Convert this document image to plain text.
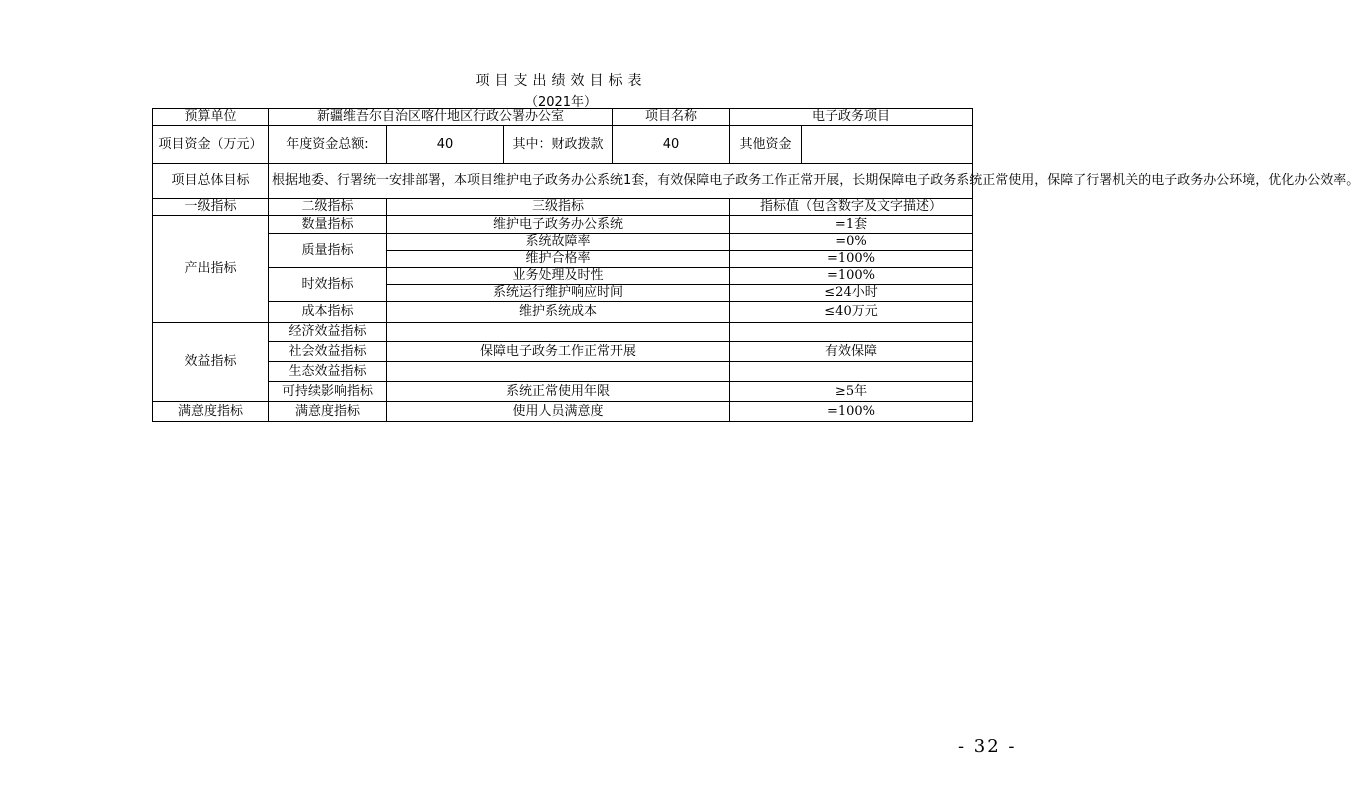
项目支出绩效目标表
（2021年）
预算单位	新疆维吾尔自治区喀什地区行政公署办公室			项目名称	电子政务项目	
项目资金（万元）	年度资金总额:	40	其中：财政拨款	40	其他资金	
项目总体目标	根据地委、行署统一安排部署，本项目维护电子政务办公系统1套，有效保障电子政务工作正常开展，长期保障电子政务系统正常使用，保障了行署机关的电子政务办公环境，优化办公效率。					
一级指标	二级指标	三级指标			指标值（包含数字及文字描述）	
产出指标	数量指标	维护电子政务办公系统			=1套	
	质量指标	系统故障率			=0%	
		维护合格率			=100%	
	时效指标	业务处理及时性			=100%	
		系统运行维护响应时间			≤24小时	
	成本指标	维护系统成本			≤40万元	
效益指标	经济效益指标					
	社会效益指标	保障电子政务工作正常开展			有效保障	
	生态效益指标					
	可持续影响指标	系统正常使用年限			≥5年	
满意度指标	满意度指标	使用人员满意度			=100%	
- 32 -
